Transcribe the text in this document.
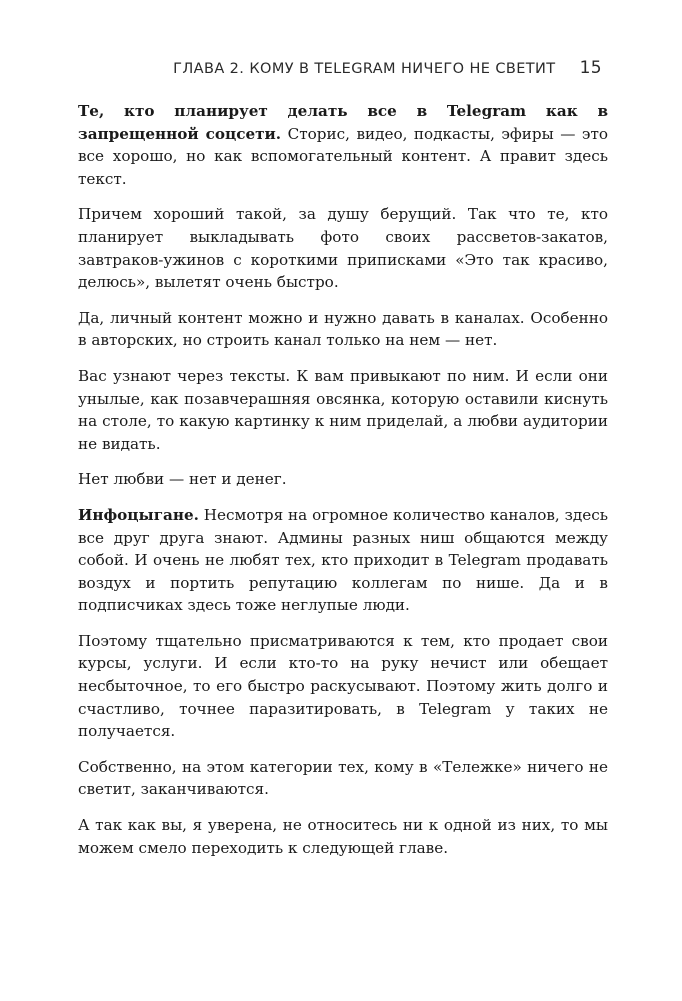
ГЛАВА 2. КОМУ В TELEGRAM НИЧЕГО НЕ СВЕТИТ 15

Те, кто планирует делать все в Telegram как в запрещенной соцсети. Сторис, видео, подкасты, эфиры — это все хорошо, но как вспомогательный контент. А правит здесь текст.

Причем хороший такой, за душу берущий. Так что те, кто планирует выкладывать фото своих рассветов-закатов, завтраков-ужинов с короткими приписками «Это так красиво, делюсь», вылетят очень быстро.

Да, личный контент можно и нужно давать в каналах. Особенно в авторских, но строить канал только на нем — нет.

Вас узнают через тексты. К вам привыкают по ним. И если они унылые, как позавчерашняя овсянка, которую оставили киснуть на столе, то какую картинку к ним приделай, а любви аудитории не видать.

Нет любви — нет и денег.

Инфоцыгане. Несмотря на огромное количество каналов, здесь все друг друга знают. Админы разных ниш общаются между собой. И очень не любят тех, кто приходит в Telegram продавать воздух и портить репутацию коллегам по нише. Да и в подписчиках здесь тоже неглупые люди.

Поэтому тщательно присматриваются к тем, кто продает свои курсы, услуги. И если кто-то на руку нечист или обещает несбыточное, то его быстро раскусывают. Поэтому жить долго и счастливо, точнее паразитировать, в Telegram у таких не получается.

Собственно, на этом категории тех, кому в «Тележке» ничего не светит, заканчиваются.

А так как вы, я уверена, не относитесь ни к одной из них, то мы можем смело переходить к следующей главе.
